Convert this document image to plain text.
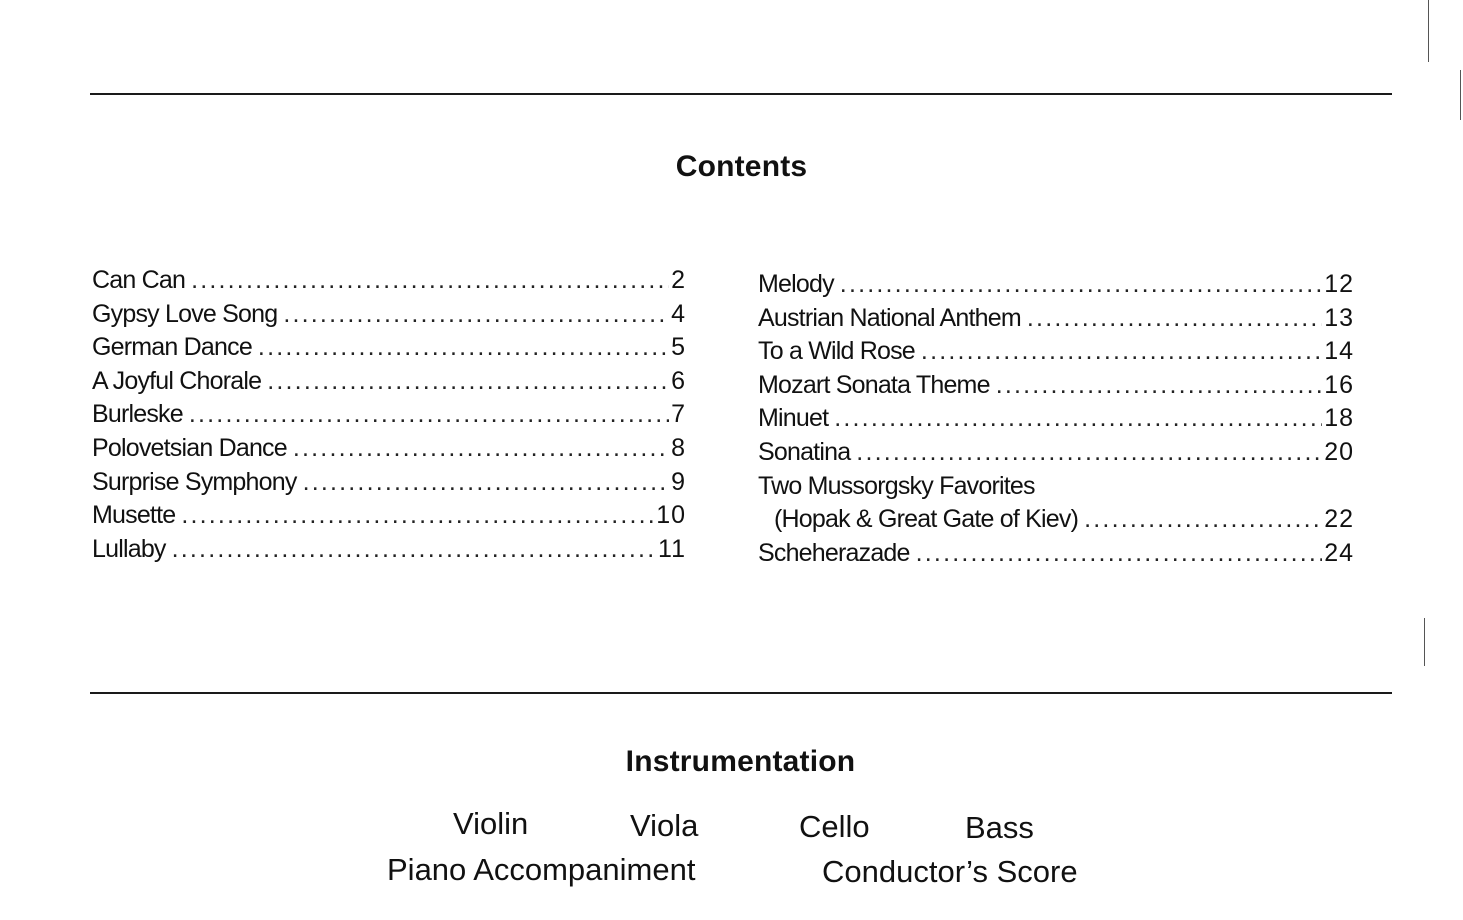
Contents
Can Can .....	2
Gypsy Love Song .....	4
German Dance .....	5
A Joyful Chorale .....	6
Burleske .....	7
Polovetsian Dance .....	8
Surprise Symphony .....	9
Musette .....	10
Lullaby .....	11
Melody .....	12
Austrian National Anthem .....	13
To a Wild Rose .....	14
Mozart Sonata Theme .....	16
Minuet .....	18
Sonatina .....	20
Two Mussorgsky Favorites
(Hopak & Great Gate of Kiev) .....	22
Scheherazade .....	24
Instrumentation
Violin	Viola	Cello	Bass
Piano Accompaniment	Conductor’s Score
